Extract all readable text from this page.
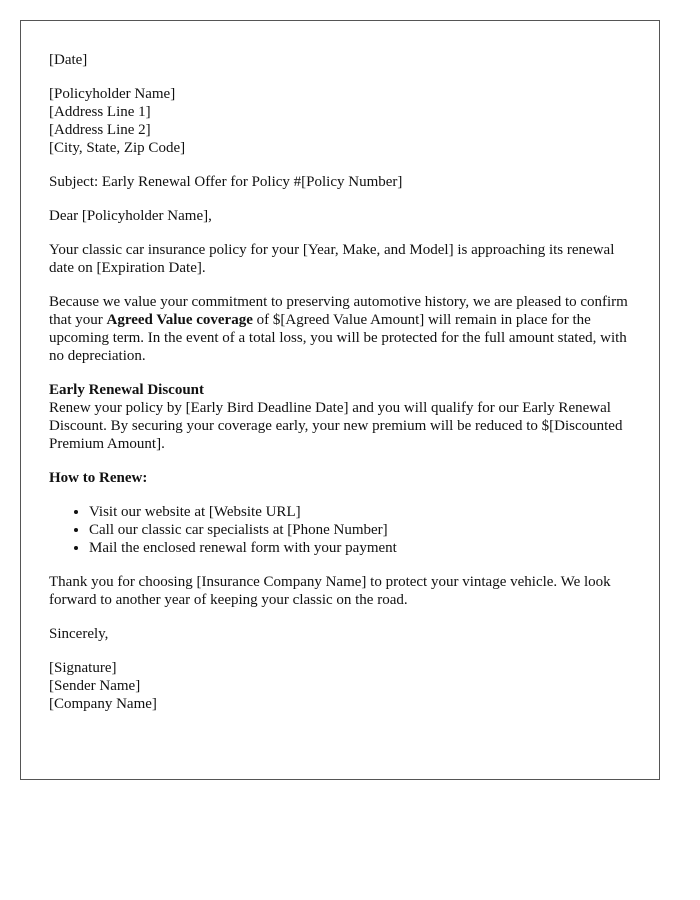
[Date]
[Policyholder Name]
[Address Line 1]
[Address Line 2]
[City, State, Zip Code]

Subject: Early Renewal Offer for Policy #[Policy Number]

Dear [Policyholder Name],

Your classic car insurance policy for your [Year, Make, and Model] is approaching its renewal date on [Expiration Date].

Because we value your commitment to preserving automotive history, we are pleased to confirm that your Agreed Value coverage of $[Agreed Value Amount] will remain in place for the upcoming term. In the event of a total loss, you will be protected for the full amount stated, with no depreciation.

Early Renewal Discount
Renew your policy by [Early Bird Deadline Date] and you will qualify for our Early Renewal Discount. By securing your coverage early, your new premium will be reduced to $[Discounted Premium Amount].

How to Renew:

• Visit our website at [Website URL]
• Call our classic car specialists at [Phone Number]
• Mail the enclosed renewal form with your payment

Thank you for choosing [Insurance Company Name] to protect your vintage vehicle. We look forward to another year of keeping your classic on the road.

Sincerely,

[Signature]
[Sender Name]
[Company Name]
